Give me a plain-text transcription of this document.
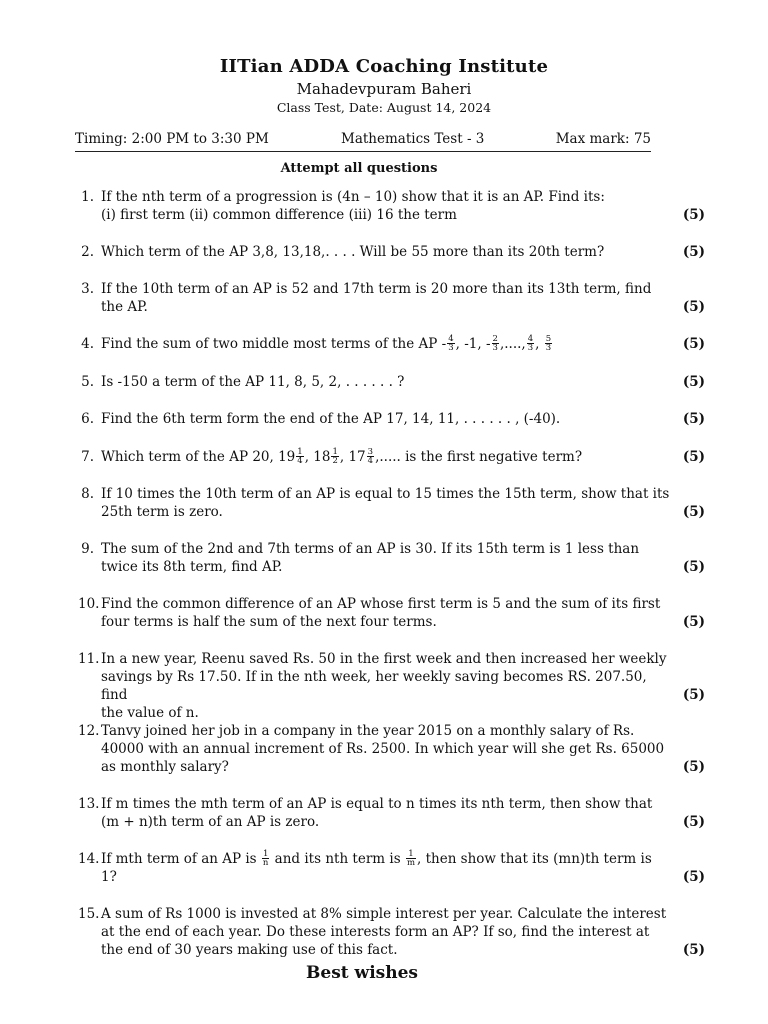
IITian ADDA Coaching Institute
Mahadevpuram Baheri
Class Test, Date: August 14, 2024
Timing: 2:00 PM to 3:30 PM	Mathematics Test - 3	Max mark: 75
Attempt all questions
1. If the nth term of a progression is (4n – 10) show that it is an AP. Find its:
(i) first term (ii) common difference (iii) 16 the term	(5)
2. Which term of the AP 3,8, 13,18,. . . . Will be 55 more than its 20th term?	(5)
3. If the 10th term of an AP is 52 and 17th term is 20 more than its 13th term, find
the AP.	(5)
4. Find the sum of two middle most terms of the AP - $\frac{4}{3}$ , -1, - $\frac{2}{3}$ ,...., $\frac{4}{3}$ , $\frac{5}{3}$	(5)
5. Is -150 a term of the AP 11, 8, 5, 2, . . . . . . ?	(5)
6. Find the 6th term form the end of the AP 17, 14, 11, . . . . . . , (-40).	(5)
7. Which term of the AP 20, $19 \frac{1}{4}$ , $18 \frac{1}{2}$ , $17 \frac{3}{4}$ ,..... is the first negative term?	(5)
8. If 10 times the 10th term of an AP is equal to 15 times the 15th term, show that its
25th term is zero.	(5)
9. The sum of the 2nd and 7th terms of an AP is 30. If its 15th term is 1 less than
twice its 8th term, find AP.	(5)
10. Find the common difference of an AP whose first term is 5 and the sum of its first
four terms is half the sum of the next four terms.	(5)
11. In a new year, Reenu saved Rs. 50 in the first week and then increased her weekly
savings by Rs 17.50. If in the nth week, her weekly saving becomes RS. 207.50, find
the value of n.
(5)
12. Tanvy joined her job in a company in the year 2015 on a monthly salary of Rs.
40000 with an annual increment of Rs. 2500. In which year will she get Rs. 65000
as monthly salary?	(5)
13. If m times the mth term of an AP is equal to n times its nth term, then show that
(m + n)th term of an AP is zero.	(5)
14. If mth term of an AP is $\frac{1}{n}$ and its nth term is $\frac{1}{m}$ , then show that its (mn)th term is
1?	(5)
15. A sum of Rs 1000 is invested at 8% simple interest per year. Calculate the interest
at the end of each year. Do these interests form an AP? If so, find the interest at
the end of 30 years making use of this fact.	(5)
Best wishes
